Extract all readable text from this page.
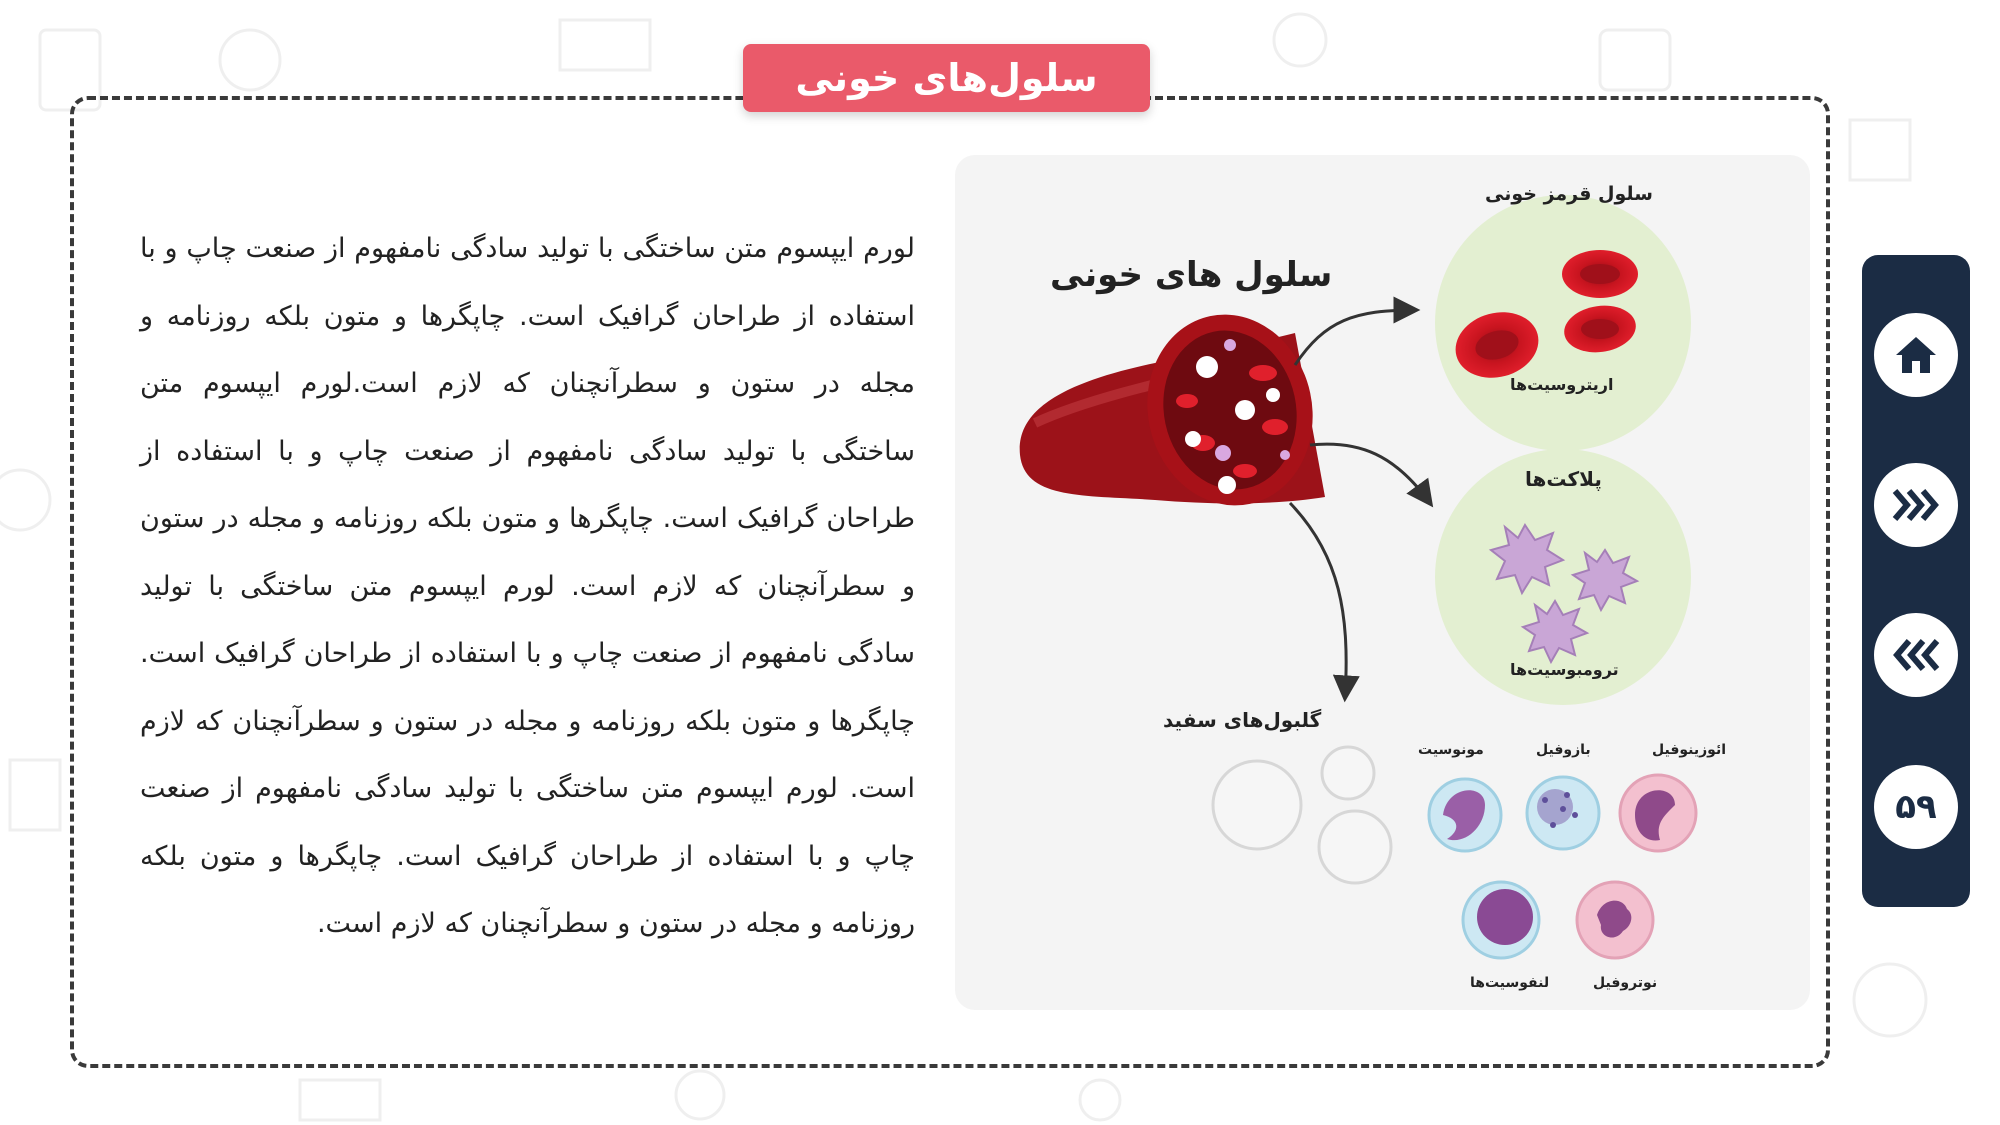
سلول‌های خونی
لورم ایپسوم متن ساختگی با تولید سادگی نامفهوم از صنعت چاپ و با استفاده از طراحان گرافیک است. چاپگرها و متون بلکه روزنامه و مجله در ستون و سطرآنچنان که لازم است.لورم ایپسوم متن ساختگی با تولید سادگی نامفهوم از صنعت چاپ و با استفاده از طراحان گرافیک است. چاپگرها و متون بلکه روزنامه و مجله در ستون و سطرآنچنان که لازم است. لورم ایپسوم متن ساختگی با تولید سادگی نامفهوم از صنعت چاپ و با استفاده از طراحان گرافیک است. چاپگرها و متون بلکه روزنامه و مجله در ستون و سطرآنچنان که لازم است. لورم ایپسوم متن ساختگی با تولید سادگی نامفهوم از صنعت چاپ و با استفاده از طراحان گرافیک است. چاپگرها و متون بلکه روزنامه و مجله در ستون و سطرآنچنان که لازم است.
سلول های خونی
سلول قرمز خونی
اریتروسیت‌ها
پلاکت‌ها
ترومبوسیت‌ها
گلبول‌های سفید
مونوسیت	بازوفیل	ائوزینوفیل
لنفوسیت‌ها	نوتروفیل
۵۹
